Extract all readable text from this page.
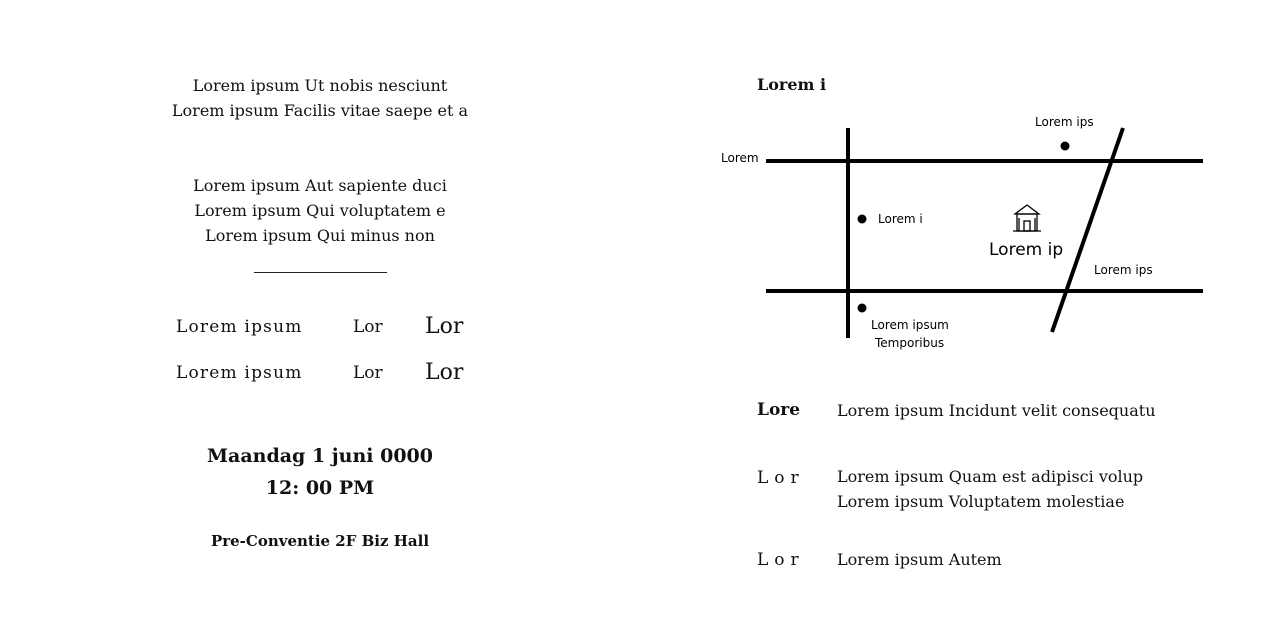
Lorem ipsum Ut nobis nesciunt
Lorem ipsum Facilis vitae saepe et a
Lorem ipsum Aut sapiente duci
Lorem ipsum Qui voluptatem e
Lorem ipsum Qui minus non
Lorem ipsum	Lor Lor
Lorem ipsum	Lor Lor
Maandag 1 juni 0000
12: 00 PM
Pre-Conventie 2F Biz Hall
Lorem i
Lorem
Lorem ips
Lorem i
Lorem ip
Lorem ips
Lorem ipsum
Temporibus
Lore Lorem ipsum Incidunt velit consequatu
Lor Lorem ipsum Quam est adipisci volup
Lorem ipsum Voluptatem molestiae
Lor Lorem ipsum Autem
